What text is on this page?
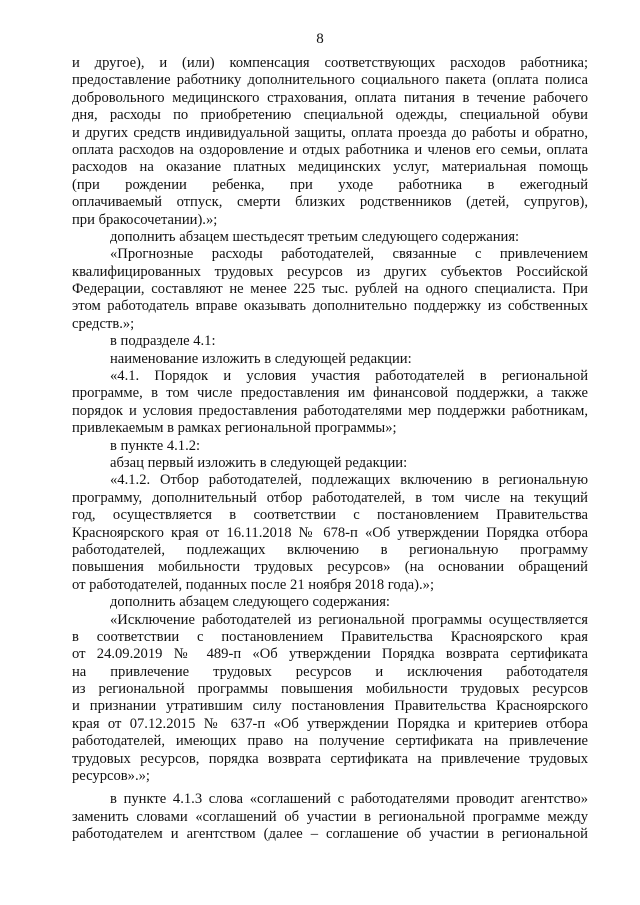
8
и другое), и (или) компенсация соответствующих расходов работника;
предоставление работнику дополнительного социального пакета (оплата полиса
добровольного медицинского страхования, оплата питания в течение рабочего
дня, расходы по приобретению специальной одежды, специальной обуви
и других средств индивидуальной защиты, оплата проезда до работы и обратно,
оплата расходов на оздоровление и отдых работника и членов его семьи, оплата
расходов на оказание платных медицинских услуг, материальная помощь
(при рождении ребенка, при уходе работника в ежегодный
оплачиваемый отпуск, смерти близких родственников (детей, супругов),
при бракосочетании).»;
дополнить абзацем шестьдесят третьим следующего содержания:
«Прогнозные расходы работодателей, связанные с привлечением
квалифицированных трудовых ресурсов из других субъектов Российской
Федерации, составляют не менее 225 тыс. рублей на одного специалиста. При
этом работодатель вправе оказывать дополнительно поддержку из собственных
средств.»;
в подразделе 4.1:
наименование изложить в следующей редакции:
«4.1. Порядок и условия участия работодателей в региональной
программе, в том числе предоставления им финансовой поддержки, а также
порядок и условия предоставления работодателями мер поддержки работникам,
привлекаемым в рамках региональной программы»;
в пункте 4.1.2:
абзац первый изложить в следующей редакции:
«4.1.2. Отбор работодателей, подлежащих включению в региональную
программу, дополнительный отбор работодателей, в том числе на текущий
год, осуществляется в соответствии с постановлением Правительства
Красноярского края от 16.11.2018 № 678-п «Об утверждении Порядка отбора
работодателей, подлежащих включению в региональную программу
повышения мобильности трудовых ресурсов» (на основании обращений
от работодателей, поданных после 21 ноября 2018 года).»;
дополнить абзацем следующего содержания:
«Исключение работодателей из региональной программы осуществляется
в соответствии с постановлением Правительства Красноярского края
от 24.09.2019 № 489-п «Об утверждении Порядка возврата сертификата
на привлечение трудовых ресурсов и исключения работодателя
из региональной программы повышения мобильности трудовых ресурсов
и признании утратившим силу постановления Правительства Красноярского
края от 07.12.2015 № 637-п «Об утверждении Порядка и критериев отбора
работодателей, имеющих право на получение сертификата на привлечение
трудовых ресурсов, порядка возврата сертификата на привлечение трудовых
ресурсов».»;
в пункте 4.1.3 слова «соглашений с работодателями проводит агентство»
заменить словами «соглашений об участии в региональной программе между
работодателем и агентством (далее – соглашение об участии в региональной
